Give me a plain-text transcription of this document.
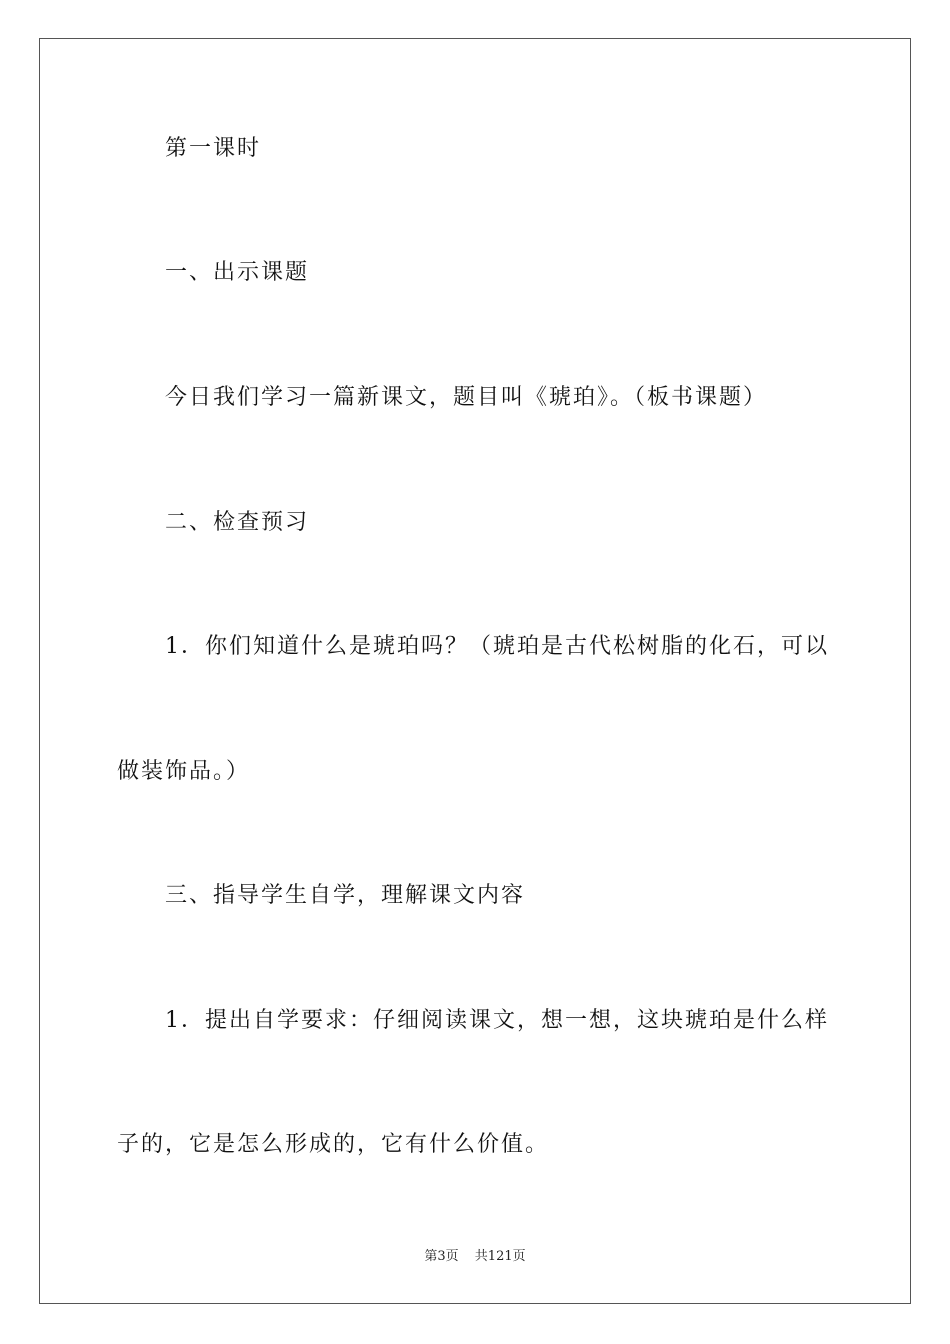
第一课时
一、出示课题
今日我们学习一篇新课文，题目叫《琥珀》。（板书课题）
二、检查预习
1．你们知道什么是琥珀吗？（琥珀是古代松树脂的化石，可以
做装饰品。）
三、指导学生自学，理解课文内容
1．提出自学要求：仔细阅读课文，想一想，这块琥珀是什么样
子的，它是怎么形成的，它有什么价值。
第3页 共121页
